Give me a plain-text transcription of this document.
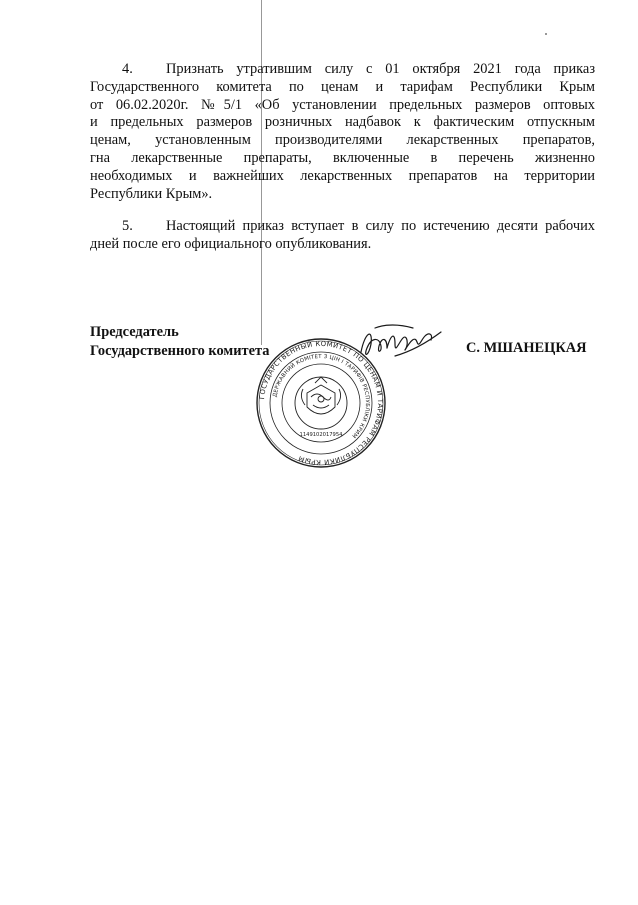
4. Признать утратившим силу с 01 октября 2021 года приказ
Государственного комитета по ценам и тарифам Республики Крым
от 06.02.2020г. №5/1 «Об установлении предельных размеров оптовых
и предельных размеров розничных надбавок к фактическим отпускным
ценам, установленным производителями лекарственных препаратов,
гна лекарственные препараты, включенные в перечень жизненно
необходимых и важнейших лекарственных препаратов на территории
Республики Крым».
5. Настоящий приказ вступает в силу по истечению десяти рабочих
дней после его официального опубликования.
Председатель
Государственного комитета	С. МШАНЕЦКАЯ
ГОСУДАРСТВЕННЫЙ КОМИТЕТ ПО ЦЕНАМ И ТАРИФАМ РЕСПУБЛИКИ КРЫМ
ДЕРЖАВНИЙ КОМІТЕТ З ЦІН І ТАРИФІВ РЕСПУБЛІКИ КРИМ
1149102017954
